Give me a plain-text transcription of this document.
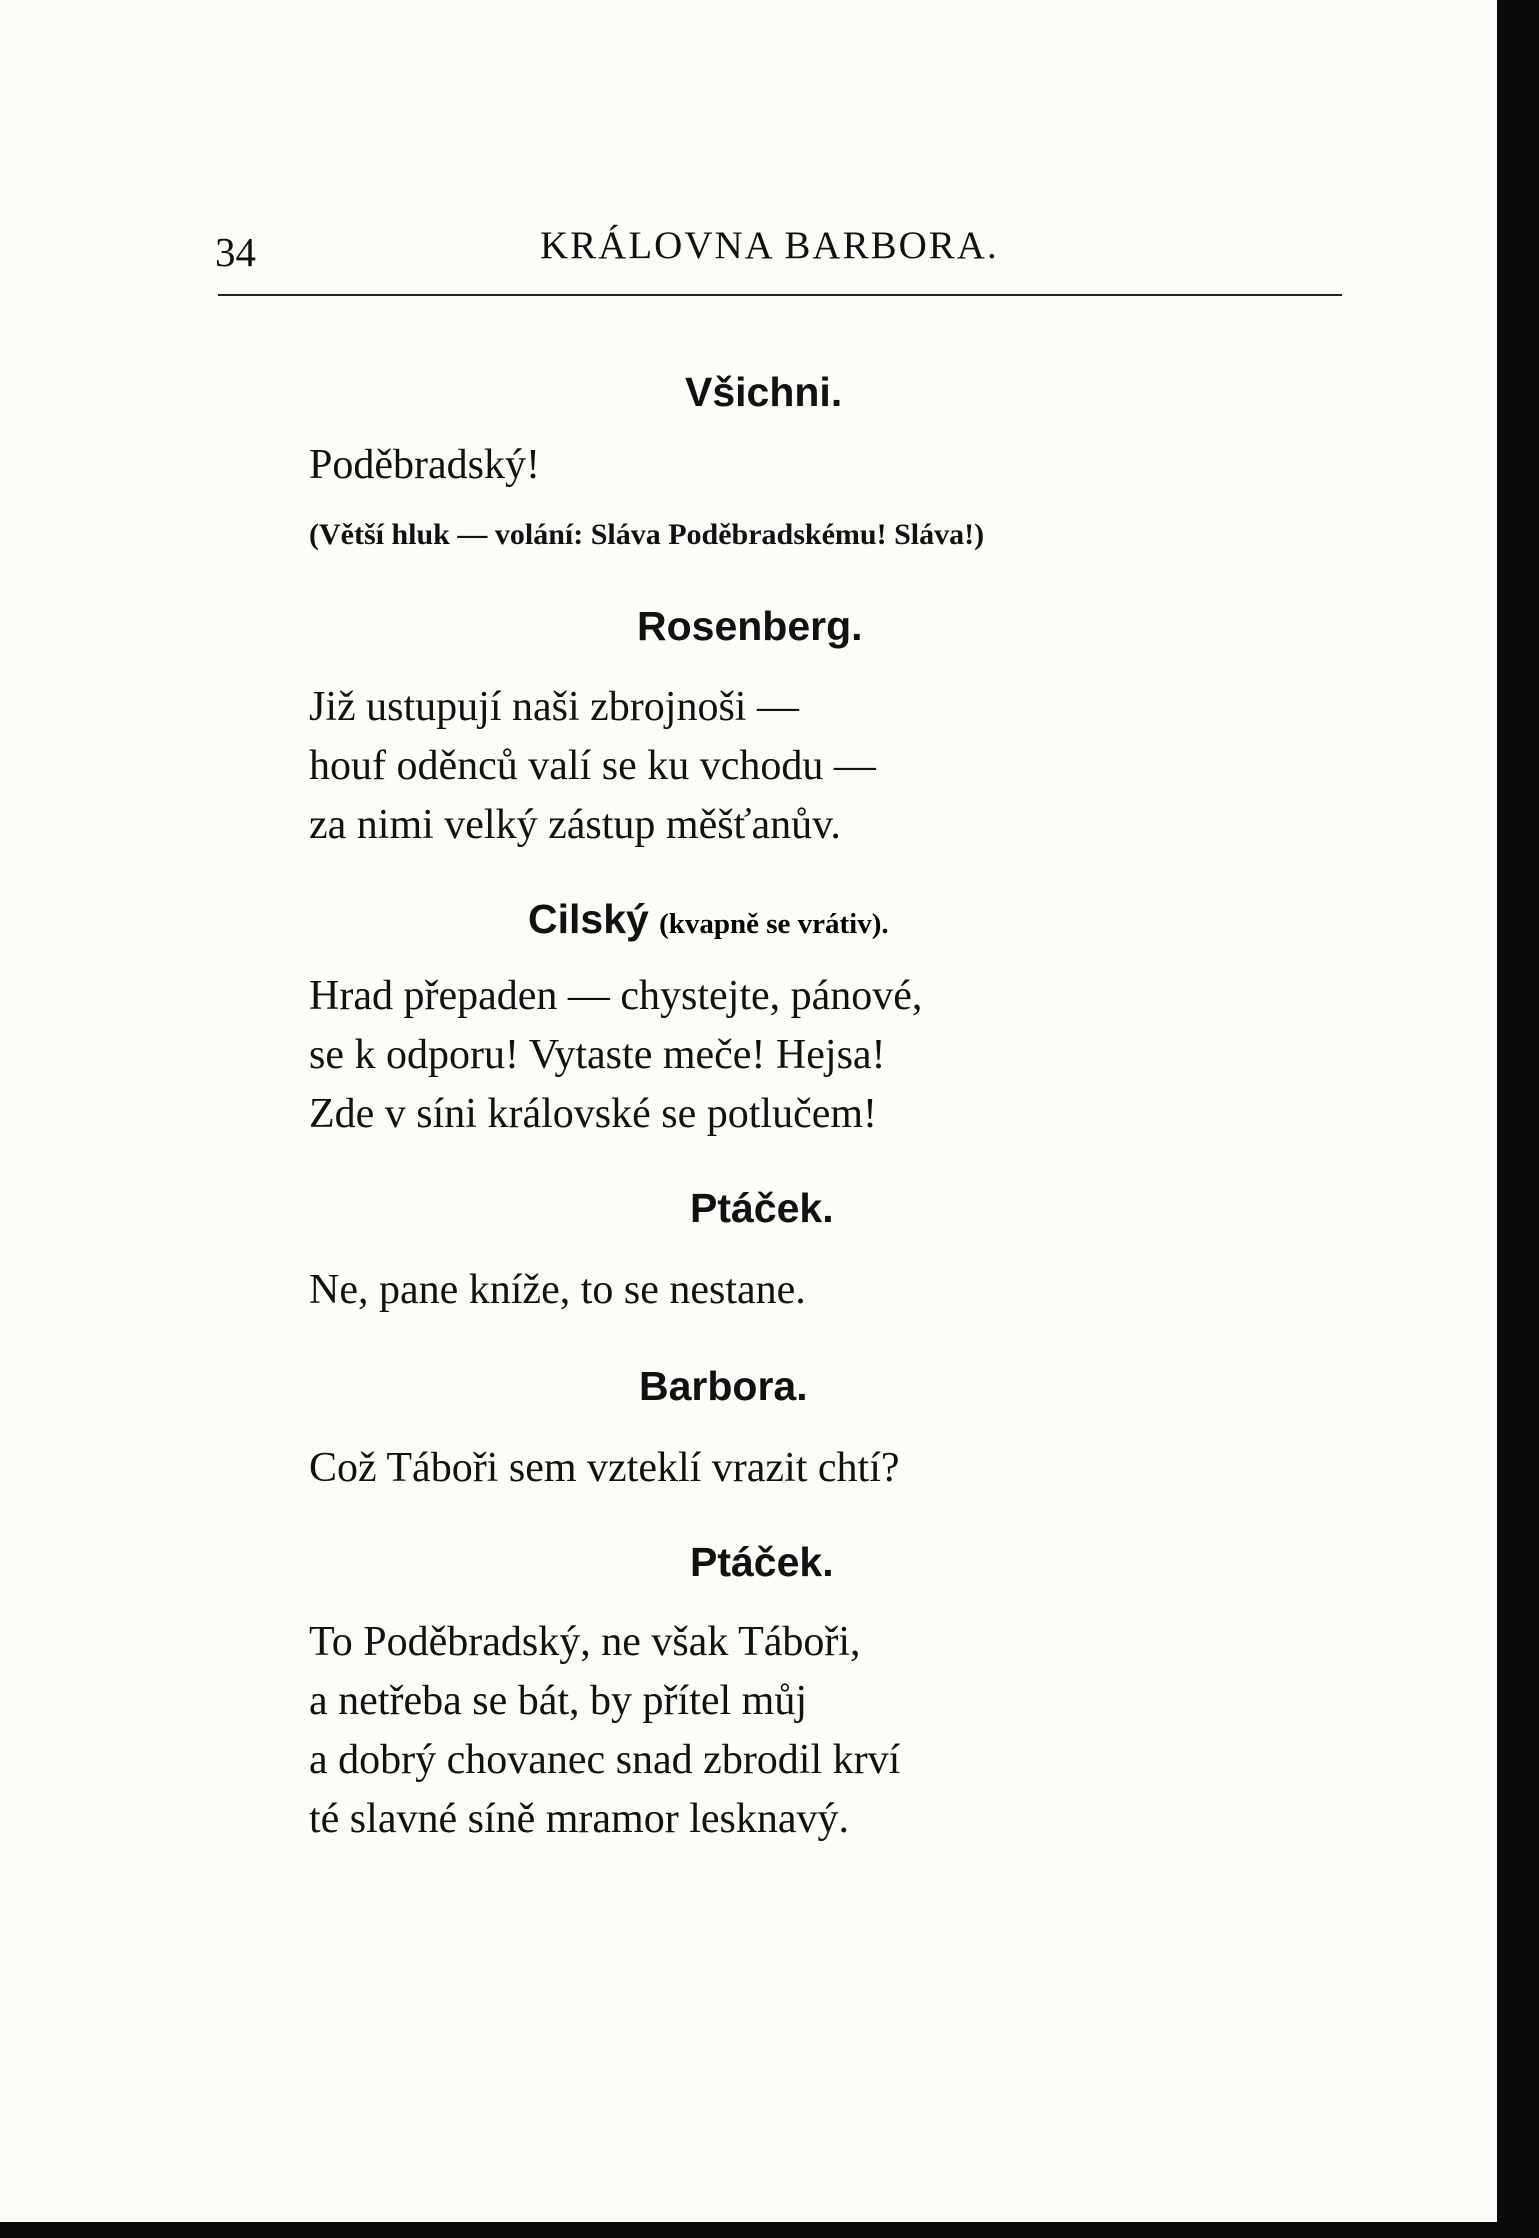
34	KRÁLOVNA BARBORA.
Všichni.
Poděbradský!
(Větší hluk — volání: Sláva Poděbradskému! Sláva!)
Rosenberg.
Již ustupují naši zbrojnoši —
houf oděnců valí se ku vchodu —
za nimi velký zástup měšťanův.
Cilský (kvapně se vrátiv).
Hrad přepaden — chystejte, pánové,
se k odporu! Vytaste meče! Hejsa!
Zde v síni královské se potlučem!
Ptáček.
Ne, pane kníže, to se nestane.
Barbora.
Což Táboři sem vzteklí vrazit chtí?
Ptáček.
To Poděbradský, ne však Táboři,
a netřeba se bát, by přítel můj
a dobrý chovanec snad zbrodil krví
té slavné síně mramor lesknavý.
